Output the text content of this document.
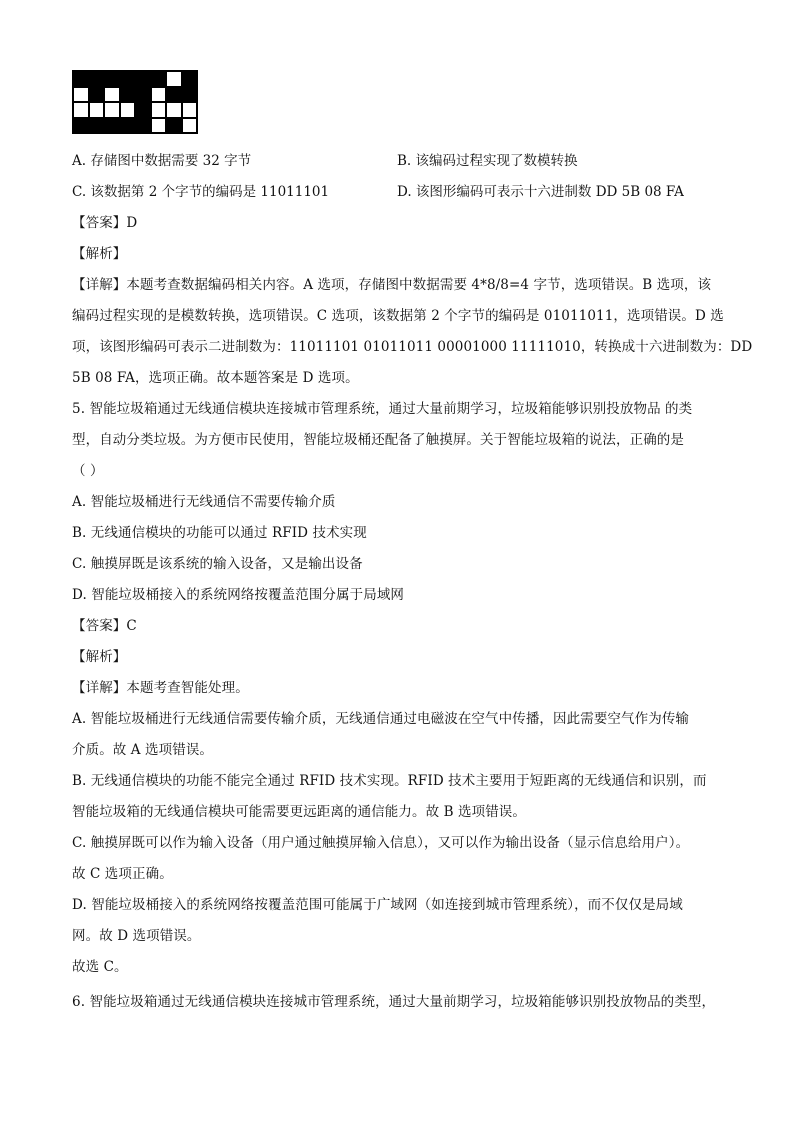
A. 存储图中数据需要 32 字节	B. 该编码过程实现了数模转换
C. 该数据第 2 个字节的编码是 11011101	D. 该图形编码可表示十六进制数 DD 5B 08 FA
【答案】D
【解析】
【详解】本题考查数据编码相关内容。A 选项，存储图中数据需要 4*8/8=4 字节，选项错误。B 选项，该
编码过程实现的是模数转换，选项错误。C 选项，该数据第 2 个字节的编码是 01011011，选项错误。D 选
项，该图形编码可表示二进制数为：11011101 01011011 00001000 11111010，转换成十六进制数为：DD
5B 08 FA，选项正确。故本题答案是 D 选项。
5. 智能垃圾箱通过无线通信模块连接城市管理系统，通过大量前期学习，垃圾箱能够识别投放物品 的类
型，自动分类垃圾。为方便市民使用，智能垃圾桶还配备了触摸屏。关于智能垃圾箱的说法，正确的是
（ ）
A. 智能垃圾桶进行无线通信不需要传输介质
B. 无线通信模块的功能可以通过 RFID 技术实现
C. 触摸屏既是该系统的输入设备，又是输出设备
D. 智能垃圾桶接入的系统网络按覆盖范围分属于局域网
【答案】C
【解析】
【详解】本题考查智能处理。
A. 智能垃圾桶进行无线通信需要传输介质，无线通信通过电磁波在空气中传播，因此需要空气作为传输
介质。故 A 选项错误。
B. 无线通信模块的功能不能完全通过 RFID 技术实现。RFID 技术主要用于短距离的无线通信和识别，而
智能垃圾箱的无线通信模块可能需要更远距离的通信能力。故 B 选项错误。
C. 触摸屏既可以作为输入设备（用户通过触摸屏输入信息），又可以作为输出设备（显示信息给用户）。
故 C 选项正确。
D. 智能垃圾桶接入的系统网络按覆盖范围可能属于广域网（如连接到城市管理系统），而不仅仅是局域
网。故 D 选项错误。
故选 C。
6. 智能垃圾箱通过无线通信模块连接城市管理系统，通过大量前期学习，垃圾箱能够识别投放物品的类型，
